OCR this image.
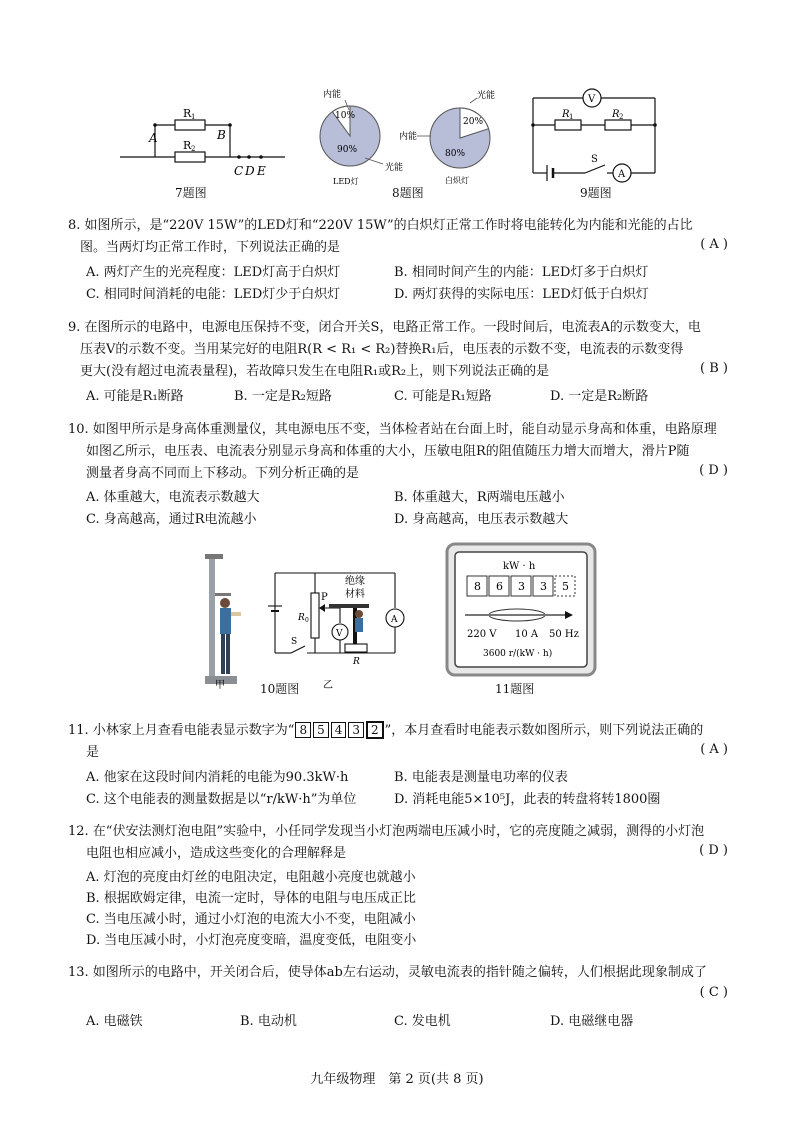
R 1
R 2
A	B
C D E
7题图
内能
10%
90%
光能
LED灯
内能
80%
20%
光能
白炽灯
8题图
V
R 1	R 2
S
A
9题图
8. 如图所示，是“220V 15W”的LED灯和“220V 15W”的白炽灯正常工作时将电能转化为内能和光能的占比
图。当两灯均正常工作时，下列说法正确的是	( A )
A. 两灯产生的光亮程度：LED灯高于白炽灯	B. 相同时间产生的内能：LED灯多于白炽灯
C. 相同时间消耗的电能：LED灯少于白炽灯	D. 两灯获得的实际电压：LED灯低于白炽灯
9. 在图所示的电路中，电源电压保持不变，闭合开关S，电路正常工作。一段时间后，电流表A的示数变大，电
压表V的示数不变。当用某完好的电阻R(R < R₁ < R₂)替换R₁后，电压表的示数不变，电流表的示数变得
更大(没有超过电流表量程)，若故障只发生在电阻R₁或R₂上，则下列说法正确的是	( B )
A. 可能是R₁断路	B. 一定是R₂短路	C. 可能是R₁短路	D. 一定是R₂断路
10. 如图甲所示是身高体重测量仪，其电源电压不变，当体检者站在台面上时，能自动显示身高和体重，电路原理
如图乙所示，电压表、电流表分别显示身高和体重的大小，压敏电阻R的阻值随压力增大而增大，滑片P随
测量者身高不同而上下移动。下列分析正确的是	( D )
A. 体重越大，电流表示数越大	B. 体重越大，R两端电压越小
C. 身高越高，通过R电流越小	D. 身高越高，电压表示数越大
甲
R 0
P
绝缘
材料
V
A
S
R
乙
10题图
kW · h
8 6 3 3 5
220 V 10 A 50 Hz
3600 r/(kW · h)
11题图
11. 小林家上月查看电能表显示数字为“ 8 5 4 3 2 ”，本月查看时电能表示数如图所示，则下列说法正确的
是	( A )
A. 他家在这段时间内消耗的电能为90.3kW·h	B. 电能表是测量电功率的仪表
C. 这个电能表的测量数据是以“r/kW·h”为单位	D. 消耗电能5×10⁵J，此表的转盘将转1800圈
12. 在“伏安法测灯泡电阻”实验中，小任同学发现当小灯泡两端电压减小时，它的亮度随之减弱，测得的小灯泡
电阻也相应减小，造成这些变化的合理解释是	( D )
A. 灯泡的亮度由灯丝的电阻决定，电阻越小亮度也就越小
B. 根据欧姆定律，电流一定时，导体的电阻与电压成正比
C. 当电压减小时，通过小灯泡的电流大小不变，电阻减小
D. 当电压减小时，小灯泡亮度变暗，温度变低，电阻变小
13. 如图所示的电路中，开关闭合后，使导体ab左右运动，灵敏电流表的指针随之偏转，人们根据此现象制成了
( C )
A. 电磁铁	B. 电动机	C. 发电机	D. 电磁继电器
九年级物理　第 2 页(共 8 页)
